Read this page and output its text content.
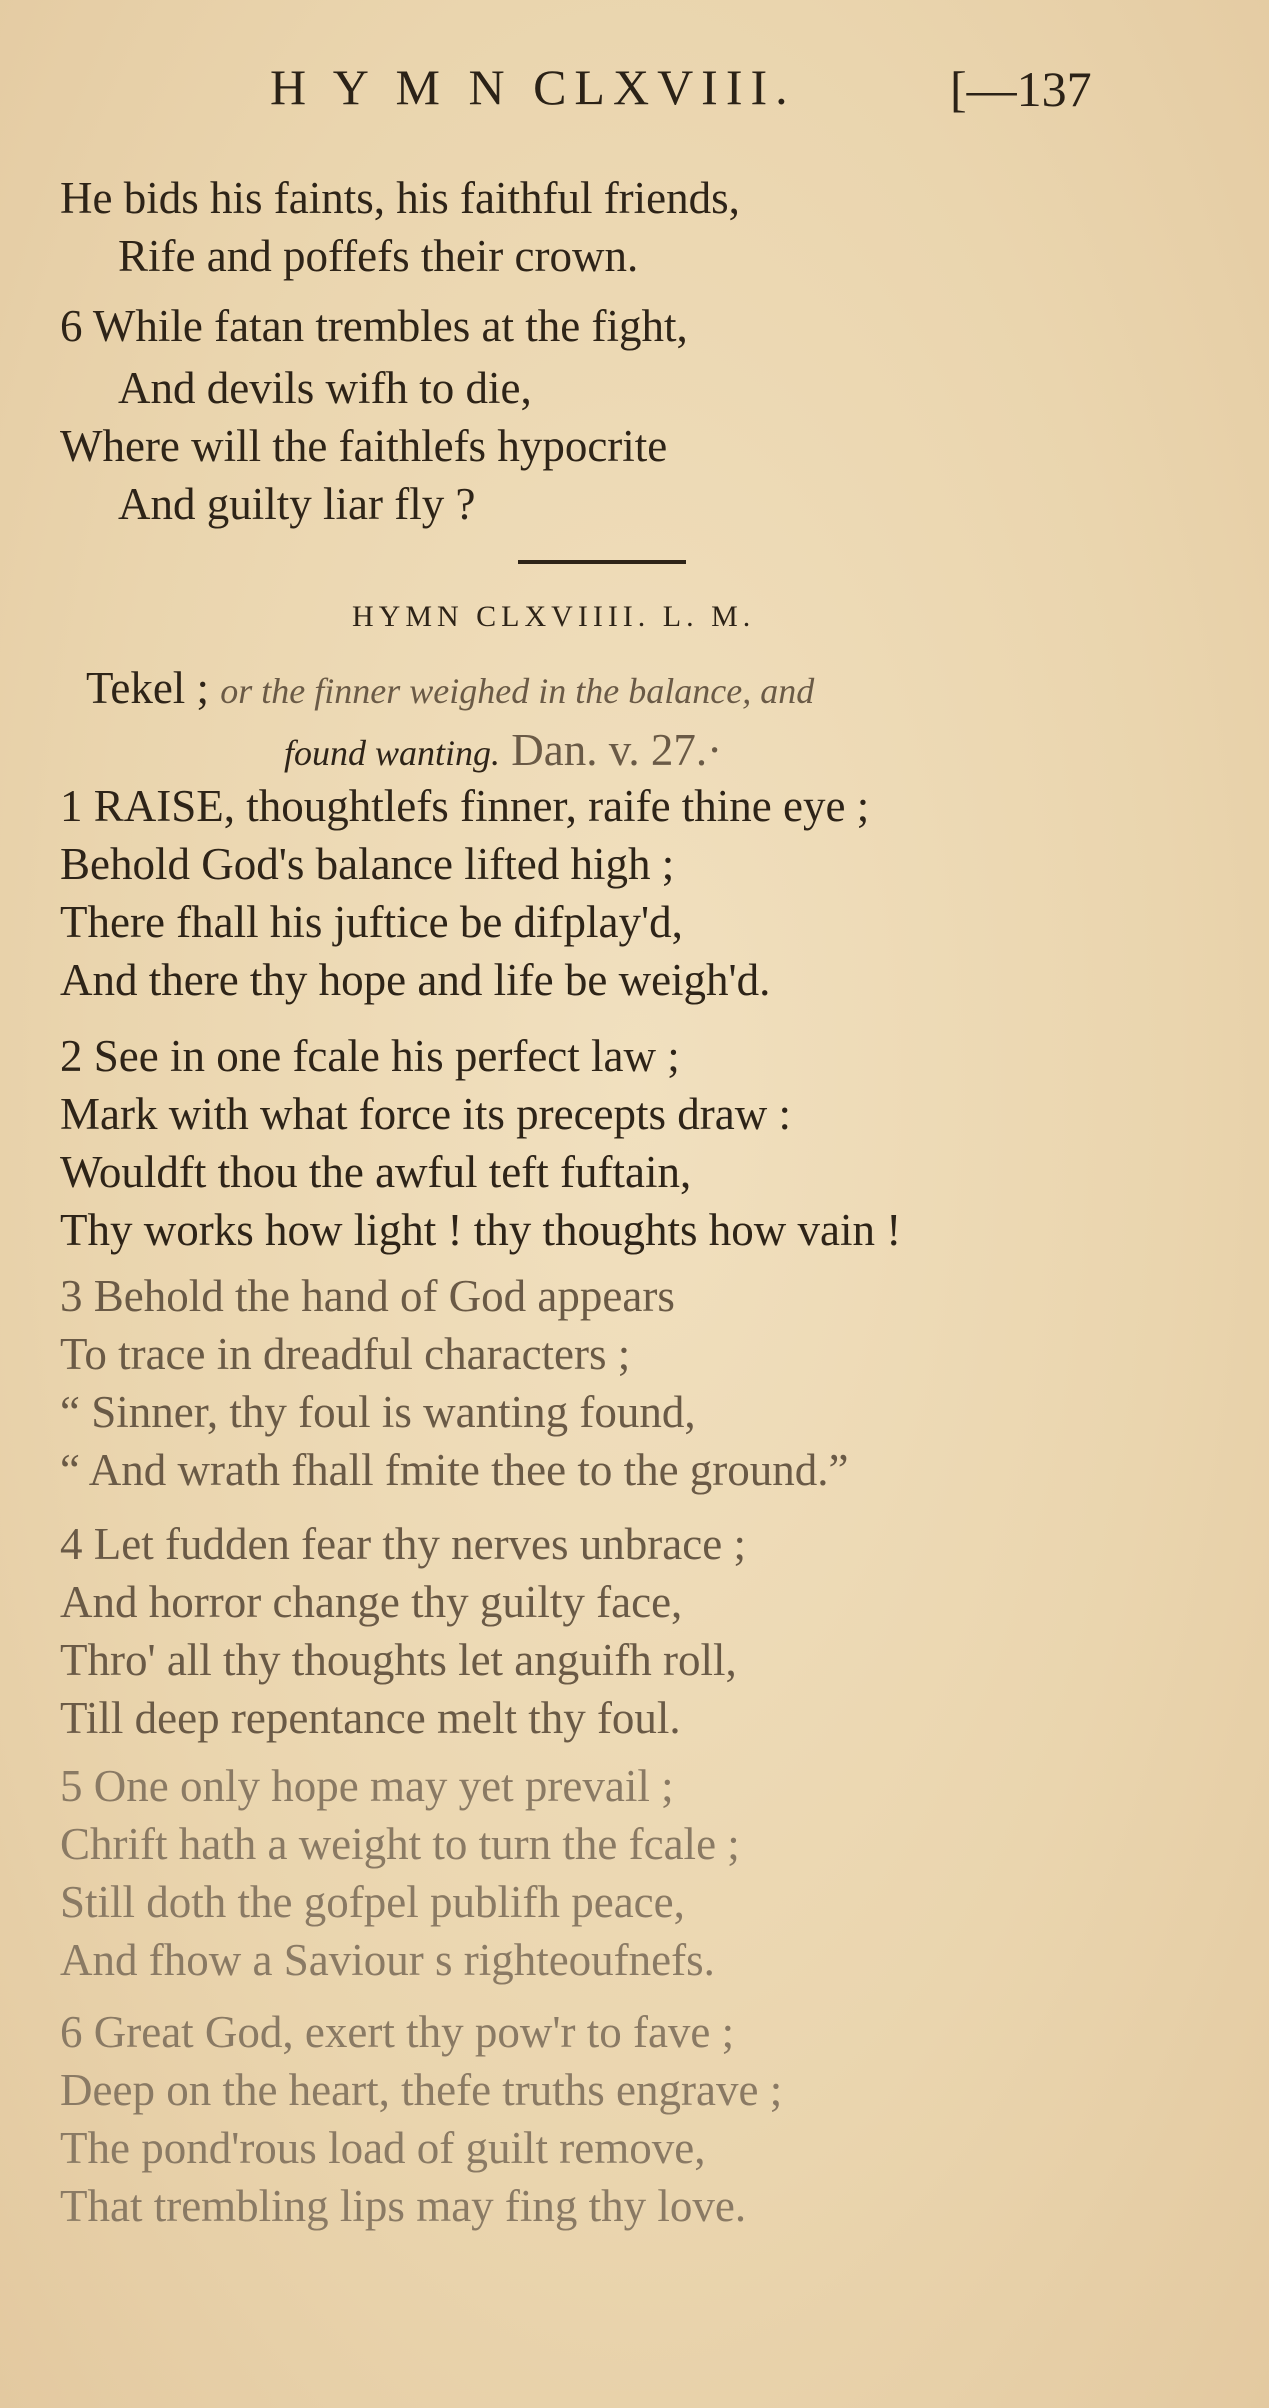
H Y M N CLXVIII.	[—137
He bids his faints, his faithful friends,
Rife and poffefs their crown.
6 While fatan trembles at the fight,
And devils wifh to die,
Where will the faithlefs hypocrite
And guilty liar fly ?
HYMN CLXVIIII. L. M.
Tekel ; or the finner weighed in the balance, and
found wanting. Dan. v. 27.·
1 RAISE, thoughtlefs finner, raife thine eye ;
Behold God's balance lifted high ;
There fhall his juftice be difplay'd,
And there thy hope and life be weigh'd.
2 See in one fcale his perfect law ;
Mark with what force its precepts draw :
Wouldft thou the awful teft fuftain,
Thy works how light ! thy thoughts how vain !
3 Behold the hand of God appears
To trace in dreadful characters ;
“ Sinner, thy foul is wanting found,
“ And wrath fhall fmite thee to the ground.”
4 Let fudden fear thy nerves unbrace ;
And horror change thy guilty face,
Thro' all thy thoughts let anguifh roll,
Till deep repentance melt thy foul.
5 One only hope may yet prevail ;
Chrift hath a weight to turn the fcale ;
Still doth the gofpel publifh peace,
And fhow a Saviour s righteoufnefs.
6 Great God, exert thy pow'r to fave ;
Deep on the heart, thefe truths engrave ;
The pond'rous load of guilt remove,
That trembling lips may fing thy love.
